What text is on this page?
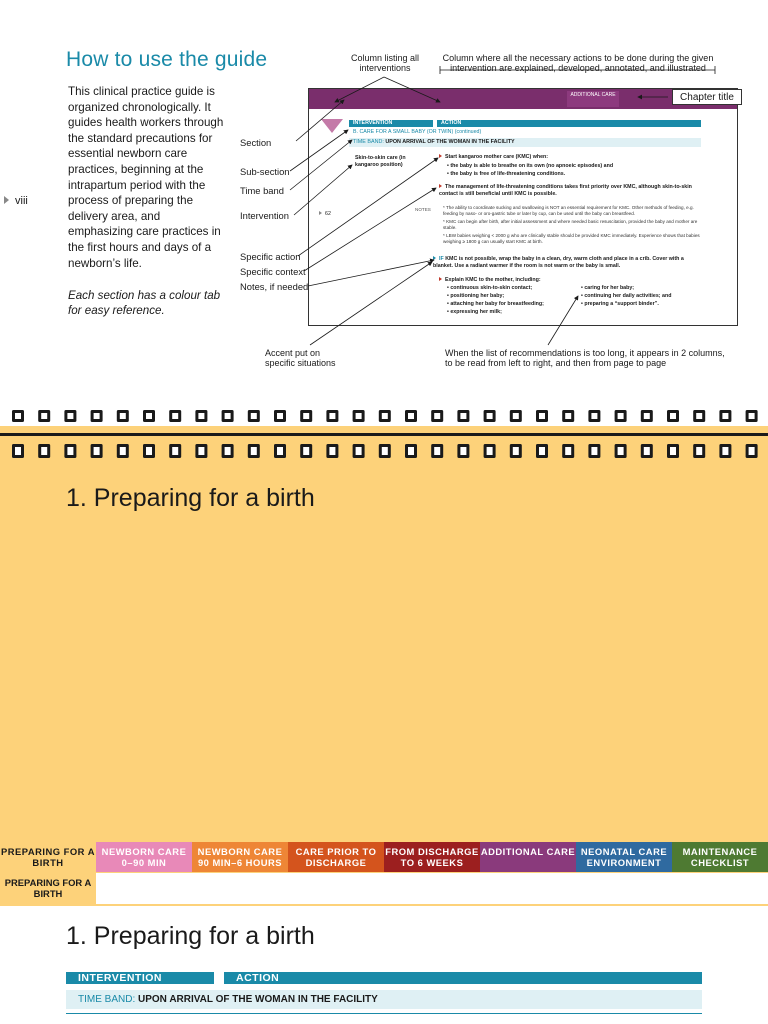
How to use the guide

This clinical practice guide is organized chronologically. It guides health workers through the standard precautions for essential newborn care practices, beginning at the intrapartum period with the process of preparing the delivery area, and emphasizing care practices in the first hours and days of a newborn’s life.

Each section has a colour tab for easy reference.

viii
Column listing all interventions
Column where all the necessary actions to be done during the given intervention are explained, developed, annotated, and illustrated
ADDITIONAL CARE
INTERVENTION	ACTION
B. CARE FOR A SMALL BABY (OR TWIN) (continued)
TIME BAND: UPON ARRIVAL OF THE WOMAN IN THE FACILITY
Skin-to-skin care (in kangaroo position)
62
Start kangaroo mother care (KMC) when:
• the baby is able to breathe on its own (no apnoeic episodes) and
• the baby is free of life-threatening conditions.
The management of life-threatening conditions takes first priority over KMC, although skin-to-skin contact is still beneficial until KMC is possible.
NOTES	* The ability to coordinate sucking and swallowing is NOT an essential requirement for KMC. Other methods of feeding, e.g. feeding by naso- or oro-gastric tube or later by cup, can be used until the baby can breastfeed.
* KMC can begin after birth, after initial assessment and where needed basic resuscitation, provided the baby and mother are stable.
* LBW babies weighing < 2000 g who are clinically stable should be provided KMC immediately. Experience shows that babies weighing ≥ 1800 g can usually start KMC at birth.
IF KMC is not possible, wrap the baby in a clean, dry, warm cloth and place in a crib. Cover with a blanket. Use a radiant warmer if the room is not warm or the baby is small.
Explain KMC to the mother, including:
• continuous skin-to-skin contact;
• positioning her baby;
• attaching her baby for breastfeeding;
• expressing her milk;
• caring for her baby;
• continuing her daily activities; and
• preparing a “support binder”.
Chapter title
Section
Sub-section
Time band
Intervention
Specific action
Specific context
Notes, if needed
Accent put on specific situations
When the list of recommendations is too long, it appears in 2 columns, to be read from left to right, and then from page to page
1. Preparing for a birth
PREPARING FOR A BIRTH
NEWBORN CARE 0–90 MIN
NEWBORN CARE 90 MIN–6 HOURS
CARE PRIOR TO DISCHARGE
FROM DISCHARGE TO 6 WEEKS
ADDITIONAL CARE NEONATAL CARE ENVIRONMENT
MAINTENANCE CHECKLIST
PREPARING FOR A BIRTH
1. Preparing for a birth
INTERVENTION	ACTION
TIME BAND: UPON ARRIVAL OF THE WOMAN IN THE FACILITY
